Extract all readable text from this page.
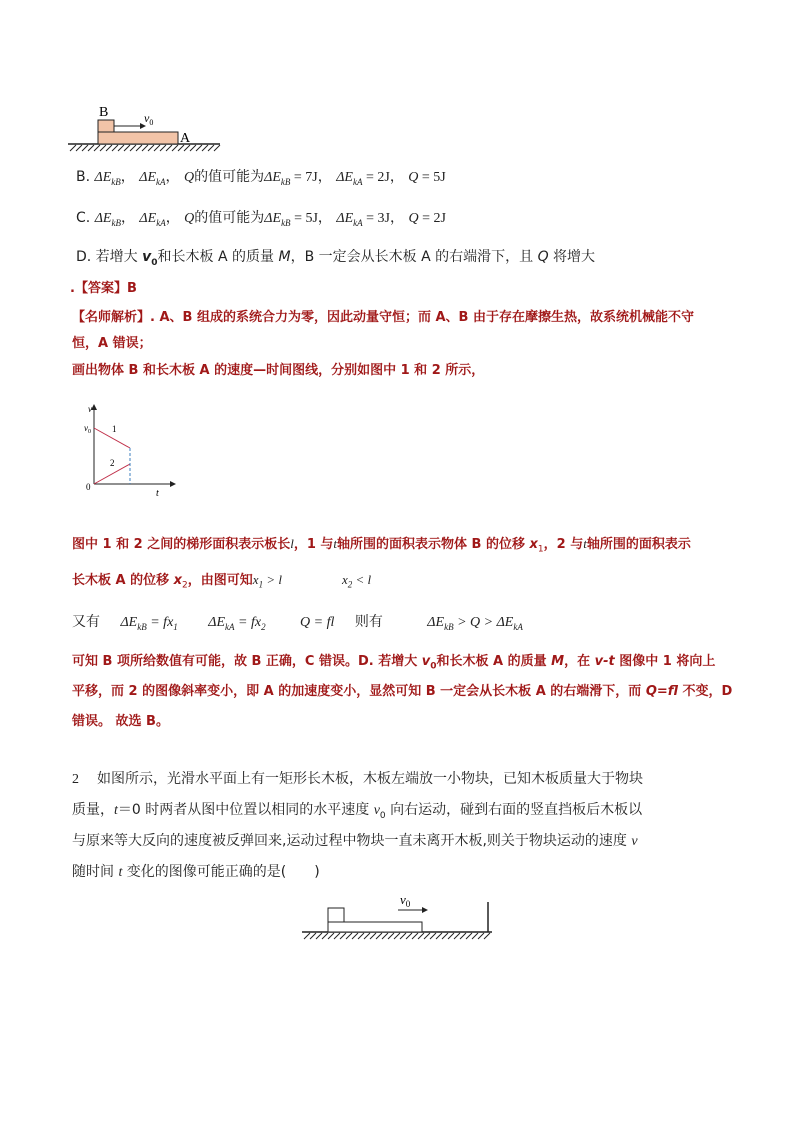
B	$v_0$
A
B. $\Delta E_{kB}$， $\Delta E_{kA}$， Q的值可能为$\Delta E_{kB} = 7J$， $\Delta E_{kA} = 2J$， Q = 5J
C. $\Delta E_{kB}$， $\Delta E_{kA}$， Q的值可能为$\Delta E_{kB} = 5J$， $\Delta E_{kA} = 3J$， Q = 2J
D. 若增大 $v_0$和长木板 A 的质量 M，B 一定会从长木板 A 的右端滑下，且 Q 将增大
.【答案】B
【名师解析】. A、B 组成的系统合力为零，因此动量守恒；而 A、B 由于存在摩擦生热，故系统机械能不守
恒，A 错误；
画出物体 B 和长木板 A 的速度—时间图线，分别如图中 1 和 2 所示，
v
$v_0$
0
t
1
2
图中 1 和 2 之间的梯形面积表示板长l，1 与t轴所围的面积表示物体 B 的位移 $x_1$，2 与t轴所围的面积表示
长木板 A 的位移 $x_2$，由图可知$x_1 > l$	$x_2 < l$
又有 $\Delta E_{kB} = fx_1$ $\Delta E_{kA} = fx_2$ Q = fl 则有	$\Delta E_{kB} > Q > \Delta E_{kA}$
可知 B 项所给数值有可能，故 B 正确，C 错误。D. 若增大 $v_0$和长木板 A 的质量 M，在 v-t 图像中 1 将向上
平移，而 2 的图像斜率变小，即 A 的加速度变小，显然可知 B 一定会从长木板 A 的右端滑下，而 Q=fl 不变，D
错误。 故选 B。
2 如图所示，光滑水平面上有一矩形长木板，木板左端放一小物块，已知木板质量大于物块
质量，t＝0 时两者从图中位置以相同的水平速度 $v_0$ 向右运动，碰到右面的竖直挡板后木板以
与原来等大反向的速度被反弹回来,运动过程中物块一直未离开木板,则关于物块运动的速度 v
随时间 t 变化的图像可能正确的是(　　)
$v_0$
